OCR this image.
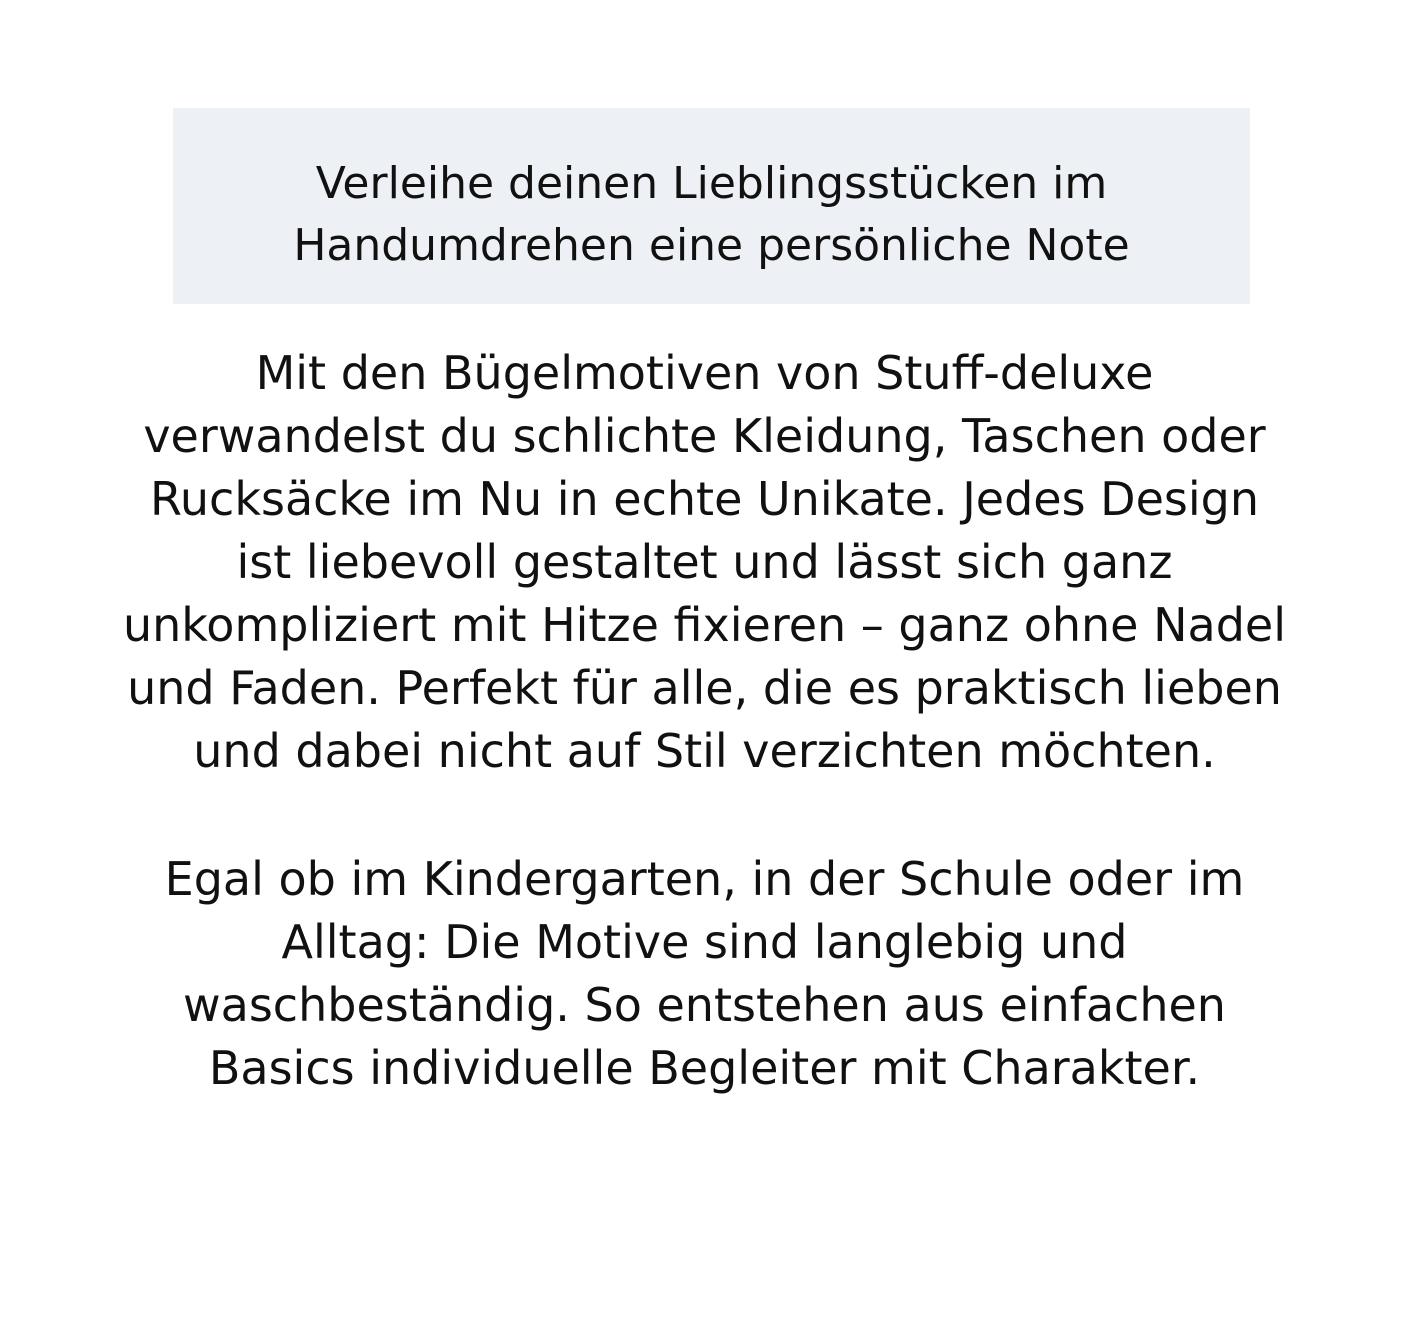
Verleihe deinen Lieblingsstücken im
Handumdrehen eine persönliche Note
Mit den Bügelmotiven von Stuff-deluxe
verwandelst du schlichte Kleidung, Taschen oder
Rucksäcke im Nu in echte Unikate. Jedes Design
ist liebevoll gestaltet und lässt sich ganz
unkompliziert mit Hitze fixieren – ganz ohne Nadel
und Faden. Perfekt für alle, die es praktisch lieben
und dabei nicht auf Stil verzichten möchten.
Egal ob im Kindergarten, in der Schule oder im
Alltag: Die Motive sind langlebig und
waschbeständig. So entstehen aus einfachen
Basics individuelle Begleiter mit Charakter.
